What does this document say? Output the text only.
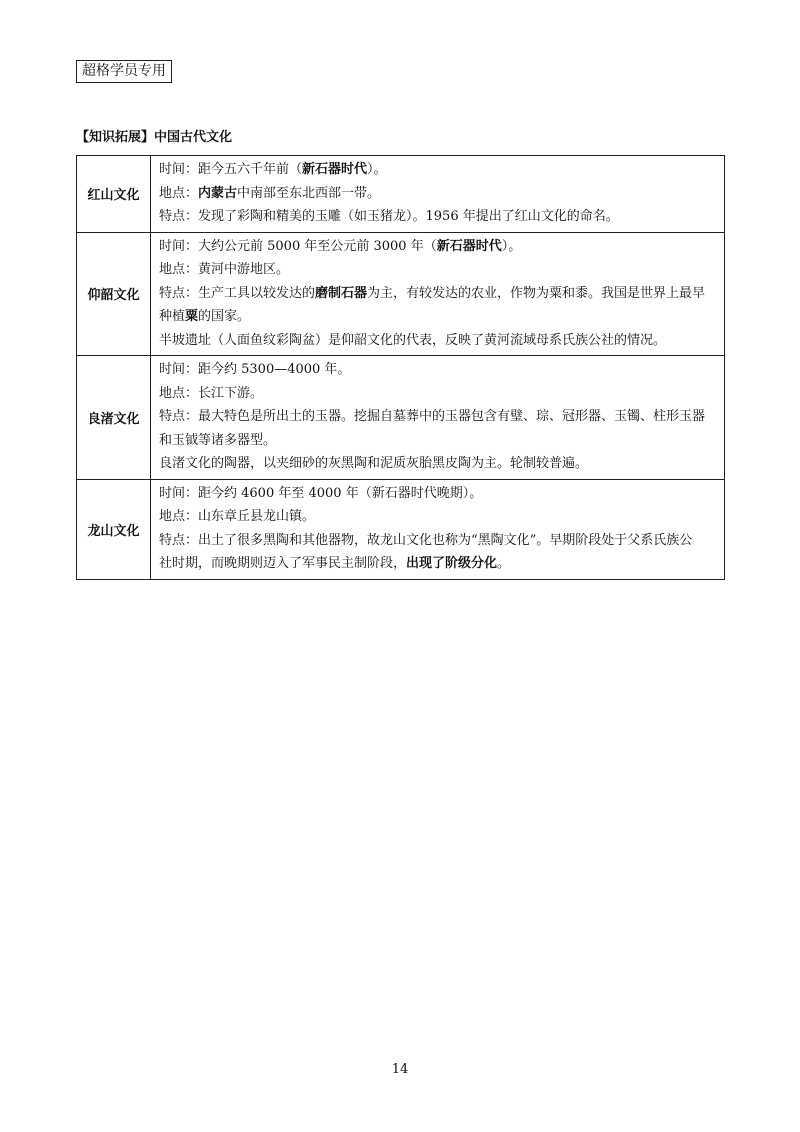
超格学员专用
【知识拓展】中国古代文化
红山文化	时间：距今五六千年前（新石器时代）。
地点：内蒙古中南部至东北西部一带。
特点：发现了彩陶和精美的玉雕（如玉猪龙）。1956 年提出了红山文化的命名。

仰韶文化	时间：大约公元前 5000 年至公元前 3000 年（新石器时代）。
地点：黄河中游地区。
特点：生产工具以较发达的磨制石器为主，有较发达的农业，作物为粟和黍。我国是世界上最早
种植粟的国家。
半坡遗址（人面鱼纹彩陶盆）是仰韶文化的代表，反映了黄河流域母系氏族公社的情况。

良渚文化	时间：距今约 5300—4000 年。
地点：长江下游。
特点：最大特色是所出土的玉器。挖掘自墓葬中的玉器包含有璧、琮、冠形器、玉镯、柱形玉器
和玉钺等诸多器型。
良渚文化的陶器，以夹细砂的灰黑陶和泥质灰胎黑皮陶为主。轮制较普遍。

龙山文化	时间：距今约 4600 年至 4000 年（新石器时代晚期）。
地点：山东章丘县龙山镇。
特点：出土了很多黑陶和其他器物，故龙山文化也称为“黑陶文化”。早期阶段处于父系氏族公
社时期，而晚期则迈入了军事民主制阶段，出现了阶级分化。
14
